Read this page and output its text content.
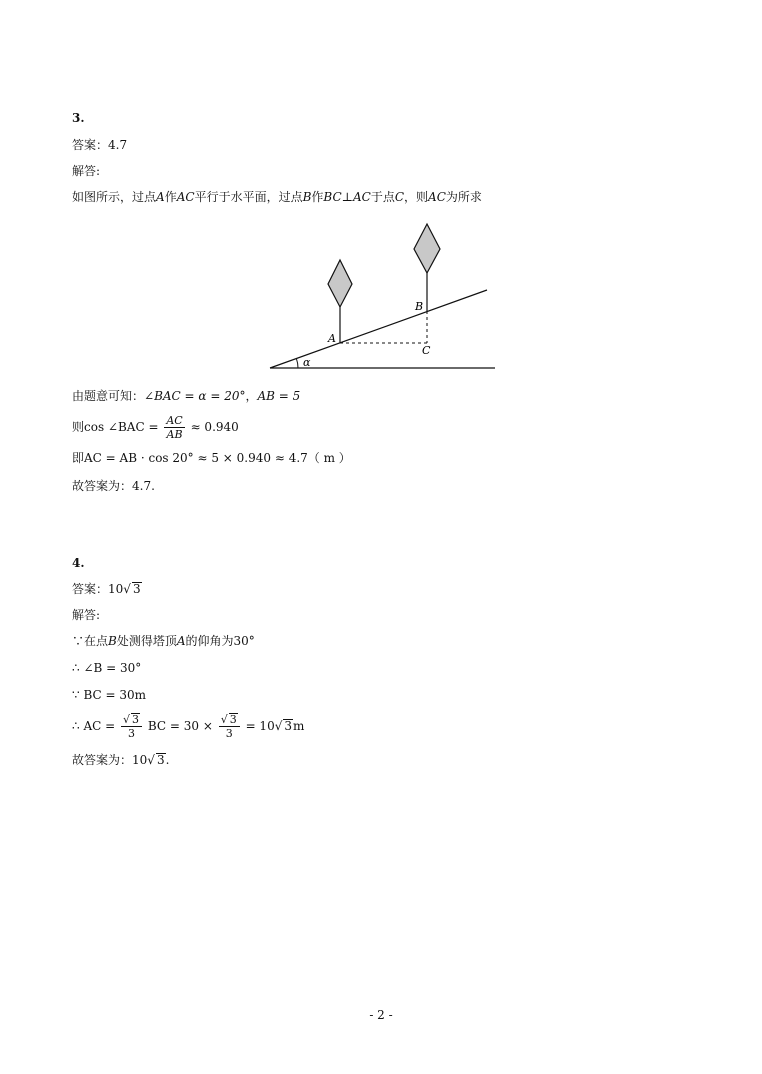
3.
答案：4.7
解答:
如图所示，过点A作AC平行于水平面，过点B作BC⊥AC于点C，则AC为所求
A
B
C
α
由题意可知：∠BAC = α = 20°，AB = 5
则cos ∠BAC = $\frac{AC}{AB} \approx 0.940$
即AC = AB · cos 20° ≈ 5 × 0.940 ≈ 4.7（ m ）
故答案为：4.7.
4.
答案：10√ 3
解答:
∵在点B处测得塔顶A的仰角为30°
∴ ∠B = 30°
∵ BC = 30m
∴ AC = $\frac{√ 3}{3}$ BC = $30 \times \frac{√ 3}{3} = 10√$ 3m
故答案为：10√ 3.
- 2 -
